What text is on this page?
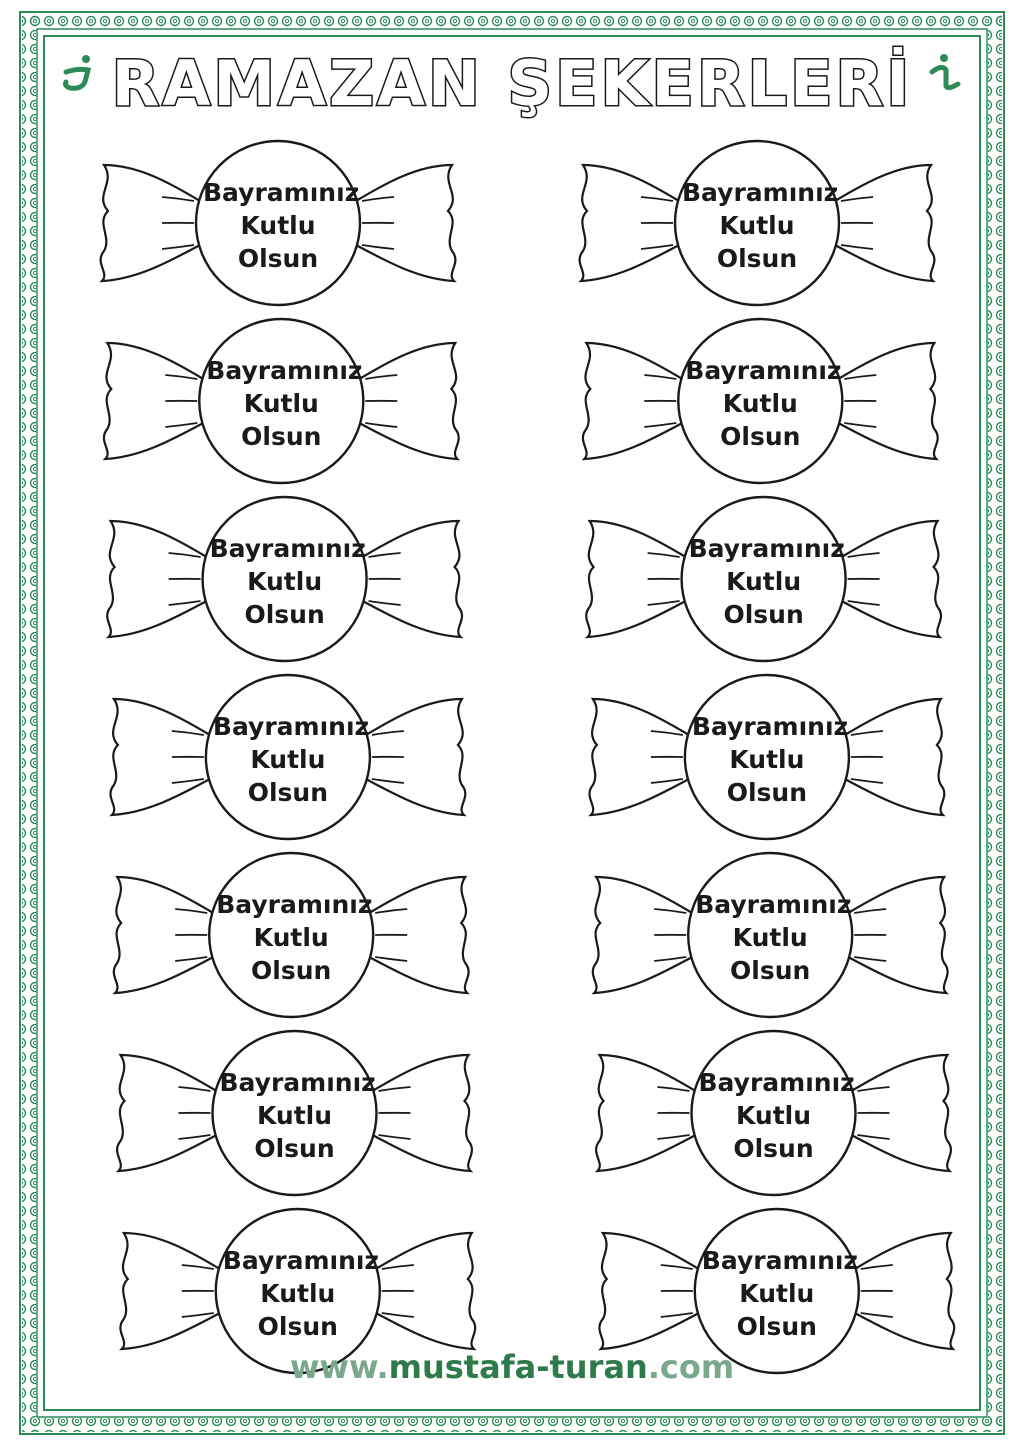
RAMAZAN ŞEKERLERİ
Bayramınız
Kutlu
Olsun
Bayramınız
Kutlu
Olsun
Bayramınız
Kutlu
Olsun
Bayramınız
Kutlu
Olsun
Bayramınız
Kutlu
Olsun
Bayramınız
Kutlu
Olsun
Bayramınız
Kutlu
Olsun
Bayramınız
Kutlu
Olsun
Bayramınız
Kutlu
Olsun
Bayramınız
Kutlu
Olsun
Bayramınız
Kutlu
Olsun
Bayramınız
Kutlu
Olsun
Bayramınız
Kutlu
Olsun
Bayramınız
Kutlu
Olsun
www.mustafa-turan.com
